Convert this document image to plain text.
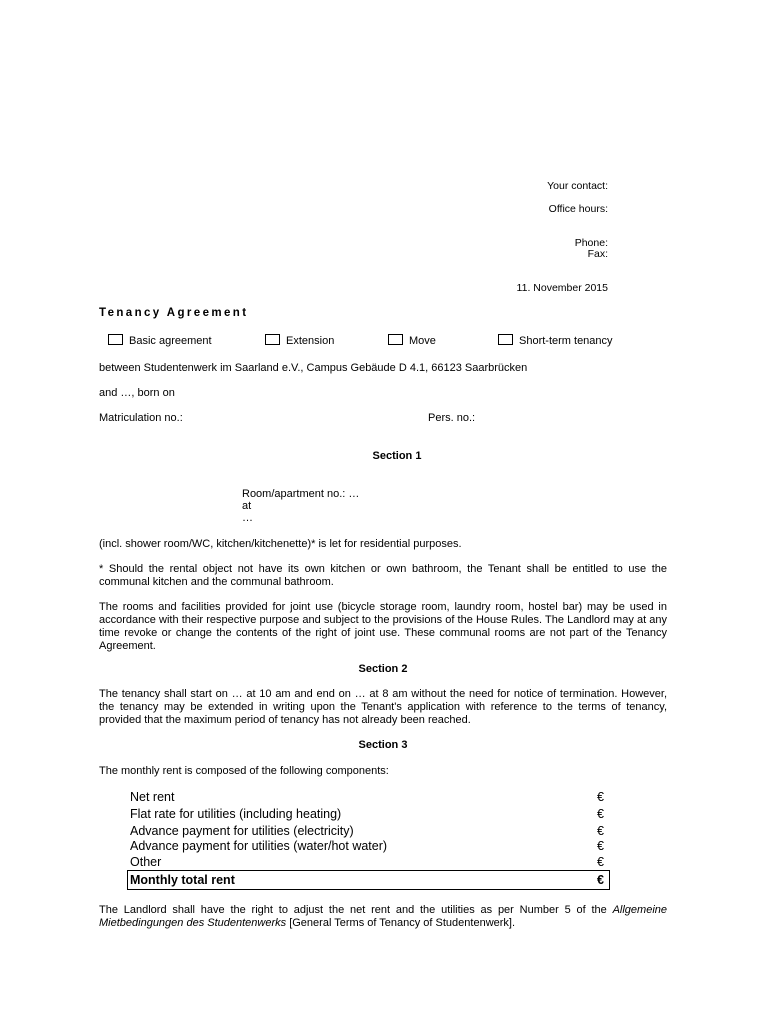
Your contact:
Office hours:
Phone:
Fax:
11. November 2015
Tenancy Agreement
Basic agreement	Extension	Move	Short-term tenancy
between Studentenwerk im Saarland e.V., Campus Gebäude D 4.1, 66123 Saarbrücken
and …, born on
Matriculation no.:	Pers. no.:
Section 1
Room/apartment no.: …
at
…
(incl. shower room/WC, kitchen/kitchenette)* is let for residential purposes.
* Should the rental object not have its own kitchen or own bathroom, the Tenant shall be entitled to use the communal kitchen and the communal bathroom.
The rooms and facilities provided for joint use (bicycle storage room, laundry room, hostel bar) may be used in accordance with their respective purpose and subject to the provisions of the House Rules. The Landlord may at any time revoke or change the contents of the right of joint use. These communal rooms are not part of the Tenancy Agreement.
Section 2
The tenancy shall start on … at 10 am and end on … at 8 am without the need for notice of termination. However, the tenancy may be extended in writing upon the Tenant's application with reference to the terms of tenancy, provided that the maximum period of tenancy has not already been reached.
Section 3
The monthly rent is composed of the following components:
Net rent	€
Flat rate for utilities (including heating)	€
Advance payment for utilities (electricity)	€
Advance payment for utilities (water/hot water)	€
Other	€
Monthly total rent	€
The Landlord shall have the right to adjust the net rent and the utilities as per Number 5 of the Allgemeine Mietbedingungen des Studentenwerks [General Terms of Tenancy of Studentenwerk].
